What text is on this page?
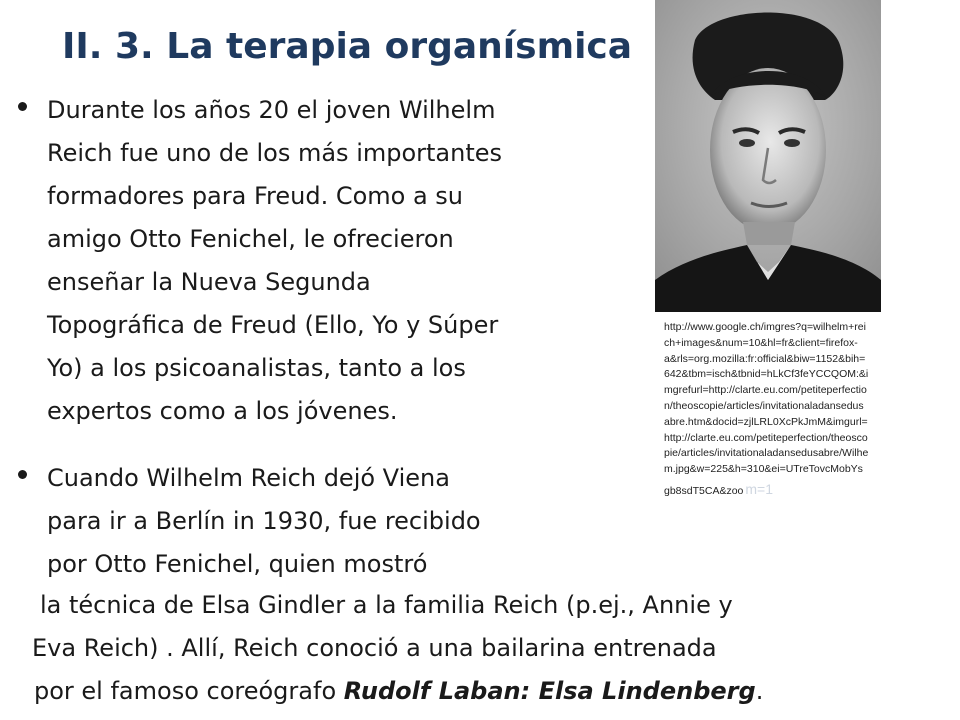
II. 3. La terapia organísmica
Durante los años 20 el joven Wilhelm
Reich fue uno de los más importantes
formadores para Freud. Como a su
amigo Otto Fenichel, le ofrecieron
enseñar la Nueva Segunda
Topográfica de Freud (Ello, Yo y Súper
Yo) a los psicoanalistas, tanto a los
expertos como a los jóvenes.
Cuando Wilhelm Reich dejó Viena
para ir a Berlín in 1930, fue recibido
por Otto Fenichel, quien mostró
la técnica de Elsa Gindler a la familia Reich (p.ej., Annie y
Eva Reich) . Allí, Reich conoció a una bailarina entrenada
por el famoso coreógrafo Rudolf Laban: Elsa Lindenberg.
http://www.google.ch/imgres?q=wilhelm+rei
ch+images&num=10&hl=fr&client=firefox-
a&rls=org.mozilla:fr:official&biw=1152&bih=
642&tbm=isch&tbnid=hLkCf3feYCCQOM:&i
mgrefurl=http://clarte.eu.com/petiteperfectio
n/theoscopie/articles/invitationaladansedus
abre.htm&docid=zjlLRL0XcPkJmM&imgurl=
http://clarte.eu.com/petiteperfection/theosco
pie/articles/invitationaladansedusabre/Wilhe
m.jpg&w=225&h=310&ei=UTreTovcMobYs
gb8sdT5CA&zoo m=1
